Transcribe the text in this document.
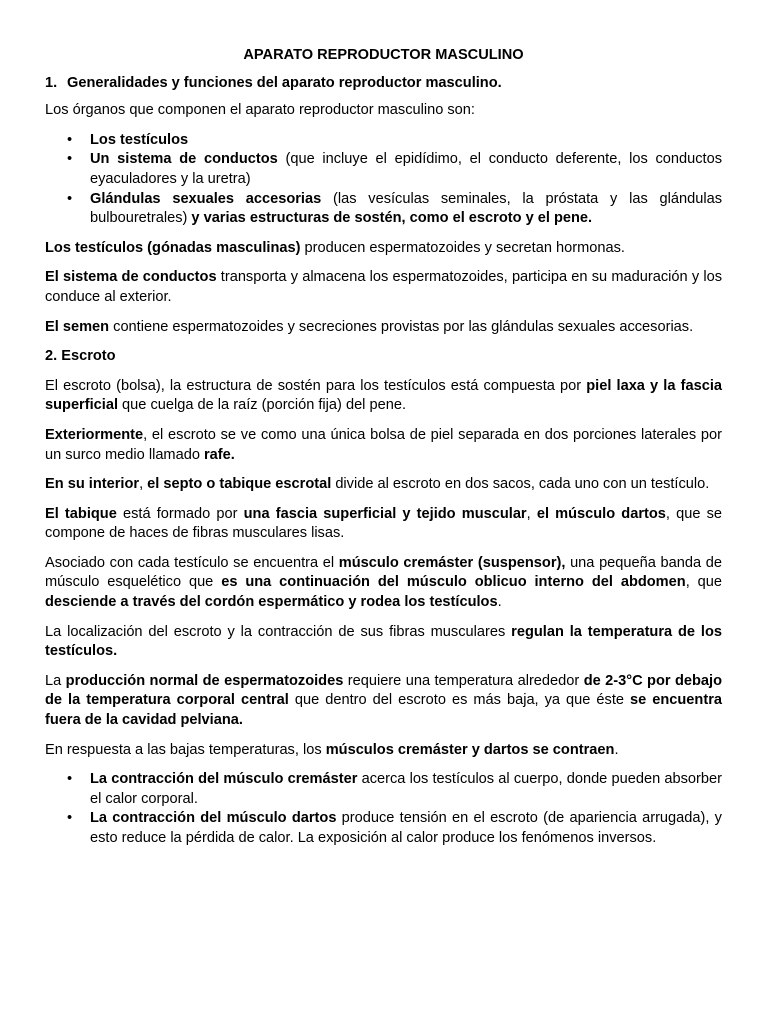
APARATO REPRODUCTOR MASCULINO
1. Generalidades y funciones del aparato reproductor masculino.

Los órganos que componen el aparato reproductor masculino son:

• Los testículos
• Un sistema de conductos (que incluye el epidídimo, el conducto deferente, los conductos eyaculadores y la uretra)
• Glándulas sexuales accesorias (las vesículas seminales, la próstata y las glándulas bulbouretrales) y varias estructuras de sostén, como el escroto y el pene.

Los testículos (gónadas masculinas) producen espermatozoides y secretan hormonas.

El sistema de conductos transporta y almacena los espermatozoides, participa en su maduración y los conduce al exterior.

El semen contiene espermatozoides y secreciones provistas por las glándulas sexuales accesorias.

2. Escroto

El escroto (bolsa), la estructura de sostén para los testículos está compuesta por piel laxa y la fascia superficial que cuelga de la raíz (porción fija) del pene.

Exteriormente, el escroto se ve como una única bolsa de piel separada en dos porciones laterales por un surco medio llamado rafe.

En su interior, el septo o tabique escrotal divide al escroto en dos sacos, cada uno con un testículo.

El tabique está formado por una fascia superficial y tejido muscular, el músculo dartos, que se compone de haces de fibras musculares lisas.

Asociado con cada testículo se encuentra el músculo cremáster (suspensor), una pequeña banda de músculo esquelético que es una continuación del músculo oblicuo interno del abdomen, que desciende a través del cordón espermático y rodea los testículos.

La localización del escroto y la contracción de sus fibras musculares regulan la temperatura de los testículos.

La producción normal de espermatozoides requiere una temperatura alrededor de 2-3°C por debajo de la temperatura corporal central que dentro del escroto es más baja, ya que éste se encuentra fuera de la cavidad pelviana.

En respuesta a las bajas temperaturas, los músculos cremáster y dartos se contraen.

• La contracción del músculo cremáster acerca los testículos al cuerpo, donde pueden absorber el calor corporal.
• La contracción del músculo dartos produce tensión en el escroto (de apariencia arrugada), y esto reduce la pérdida de calor. La exposición al calor produce los fenómenos inversos.
